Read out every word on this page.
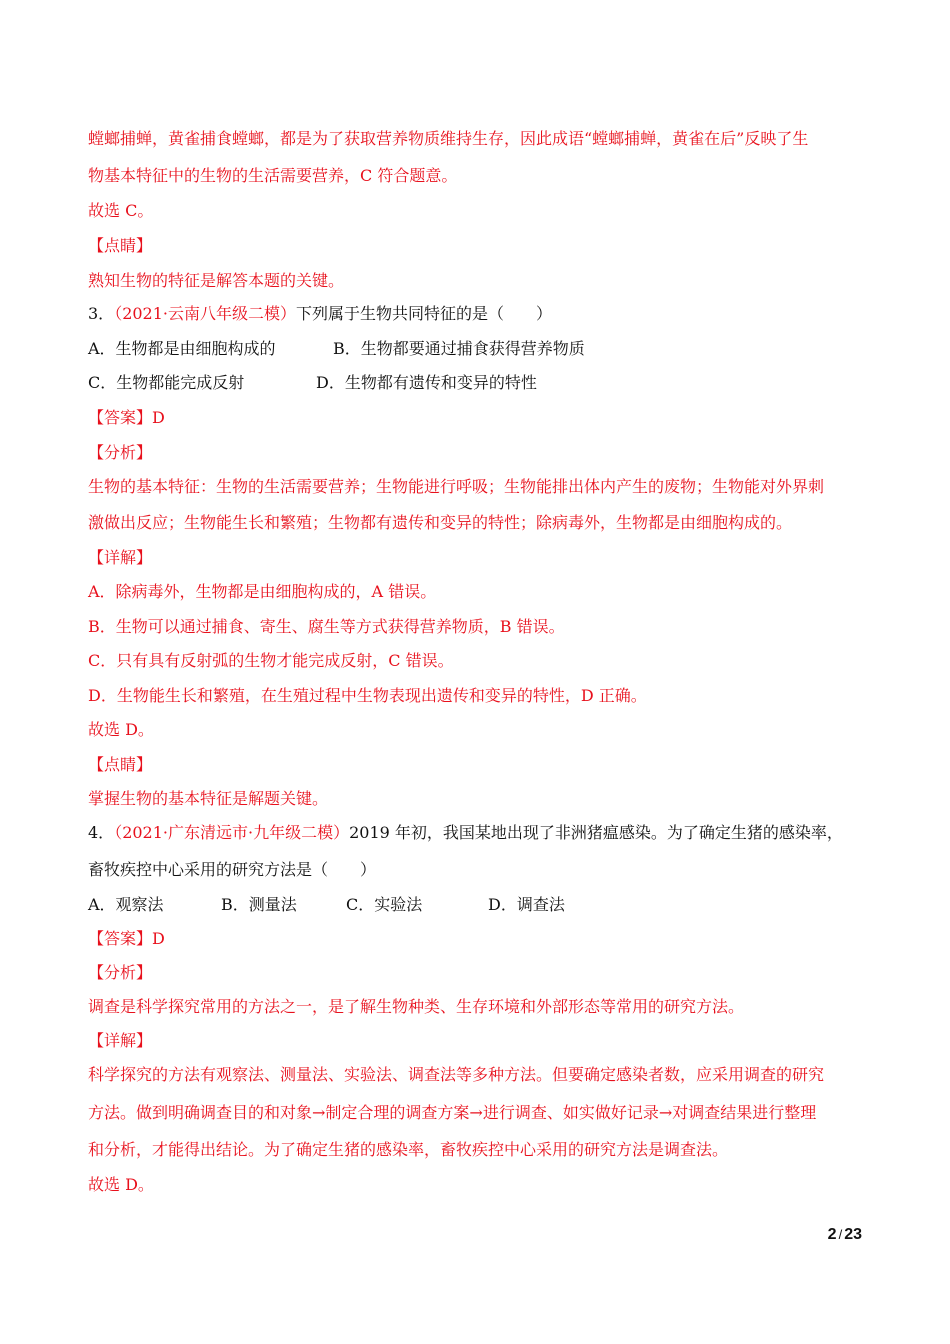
螳螂捕蝉，黄雀捕食螳螂，都是为了获取营养物质维持生存，因此成语“螳螂捕蝉，黄雀在后”反映了生
物基本特征中的生物的生活需要营养，C 符合题意。
故选 C。
【点睛】
熟知生物的特征是解答本题的关键。
3．（2021·云南八年级二模）下列属于生物共同特征的是（　　）
A．生物都是由细胞构成的	B．生物都要通过捕食获得营养物质
C．生物都能完成反射	D．生物都有遗传和变异的特性
【答案】D
【分析】
生物的基本特征：生物的生活需要营养；生物能进行呼吸；生物能排出体内产生的废物；生物能对外界刺
激做出反应；生物能生长和繁殖；生物都有遗传和变异的特性；除病毒外，生物都是由细胞构成的。
【详解】
A．除病毒外，生物都是由细胞构成的，A 错误。
B．生物可以通过捕食、寄生、腐生等方式获得营养物质，B 错误。
C．只有具有反射弧的生物才能完成反射，C 错误。
D．生物能生长和繁殖，在生殖过程中生物表现出遗传和变异的特性，D 正确。
故选 D。
【点睛】
掌握生物的基本特征是解题关键。
4．（2021·广东清远市·九年级二模）2019 年初，我国某地出现了非洲猪瘟感染。为了确定生猪的感染率，
畜牧疾控中心采用的研究方法是（　　）
A．观察法	B．测量法	C．实验法	D．调查法
【答案】D
【分析】
调查是科学探究常用的方法之一，是了解生物种类、生存环境和外部形态等常用的研究方法。
【详解】
科学探究的方法有观察法、测量法、实验法、调查法等多种方法。但要确定感染者数，应采用调查的研究
方法。做到明确调查目的和对象→制定合理的调查方案→进行调查、如实做好记录→对调查结果进行整理
和分析，才能得出结论。为了确定生猪的感染率，畜牧疾控中心采用的研究方法是调查法。
故选 D。
2 / 23
